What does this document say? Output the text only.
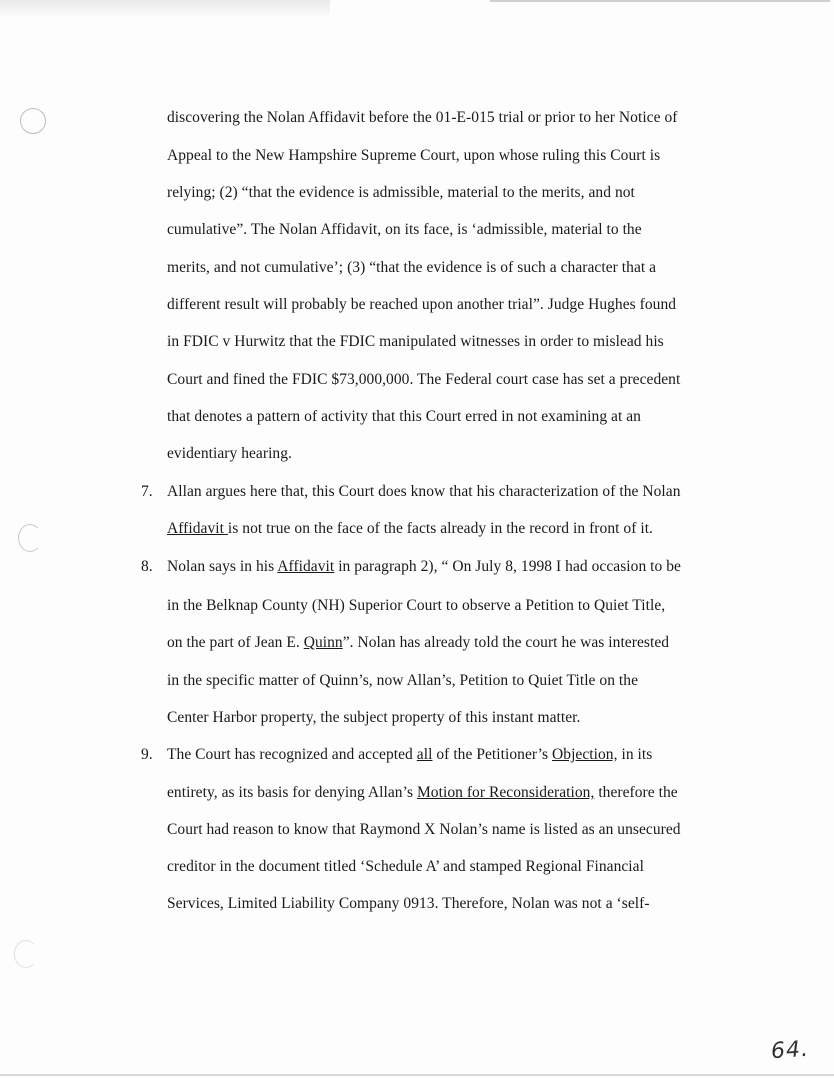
discovering the Nolan Affidavit before the 01-E-015 trial or prior to her Notice of
Appeal to the New Hampshire Supreme Court, upon whose ruling this Court is
relying; (2) “that the evidence is admissible, material to the merits, and not
cumulative”. The Nolan Affidavit, on its face, is ‘admissible, material to the
merits, and not cumulative’; (3) “that the evidence is of such a character that a
different result will probably be reached upon another trial”. Judge Hughes found
in FDIC v Hurwitz that the FDIC manipulated witnesses in order to mislead his
Court and fined the FDIC $73,000,000. The Federal court case has set a precedent
that denotes a pattern of activity that this Court erred in not examining at an
evidentiary hearing.
7. Allan argues here that, this Court does know that his characterization of the Nolan
Affidavit is not true on the face of the facts already in the record in front of it.
8. Nolan says in his Affidavit in paragraph 2), “ On July 8, 1998 I had occasion to be
in the Belknap County (NH) Superior Court to observe a Petition to Quiet Title,
on the part of Jean E. Quinn”. Nolan has already told the court he was interested
in the specific matter of Quinn’s, now Allan’s, Petition to Quiet Title on the
Center Harbor property, the subject property of this instant matter.
9. The Court has recognized and accepted all of the Petitioner’s Objection, in its
entirety, as its basis for denying Allan’s Motion for Reconsideration, therefore the
Court had reason to know that Raymond X Nolan’s name is listed as an unsecured
creditor in the document titled ‘Schedule A’ and stamped Regional Financial
Services, Limited Liability Company 0913. Therefore, Nolan was not a ‘self-
64.
